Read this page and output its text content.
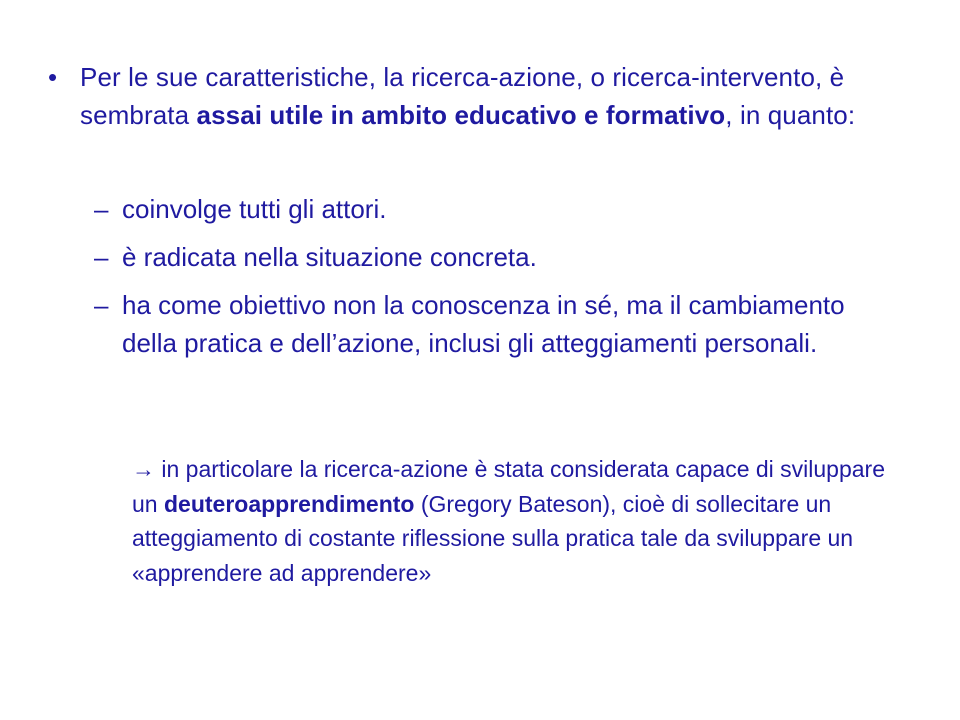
• Per le sue caratteristiche, la ricerca-azione, o ricerca-intervento, è sembrata assai utile in ambito educativo e formativo, in quanto:
– coinvolge tutti gli attori.
– è radicata nella situazione concreta.
– ha come obiettivo non la conoscenza in sé, ma il cambiamento della pratica e dell’azione, inclusi gli atteggiamenti personali.
→ in particolare la ricerca-azione è stata considerata capace di sviluppare un deuteroapprendimento (Gregory Bateson), cioè di sollecitare un atteggiamento di costante riflessione sulla pratica tale da sviluppare un «apprendere ad apprendere»
